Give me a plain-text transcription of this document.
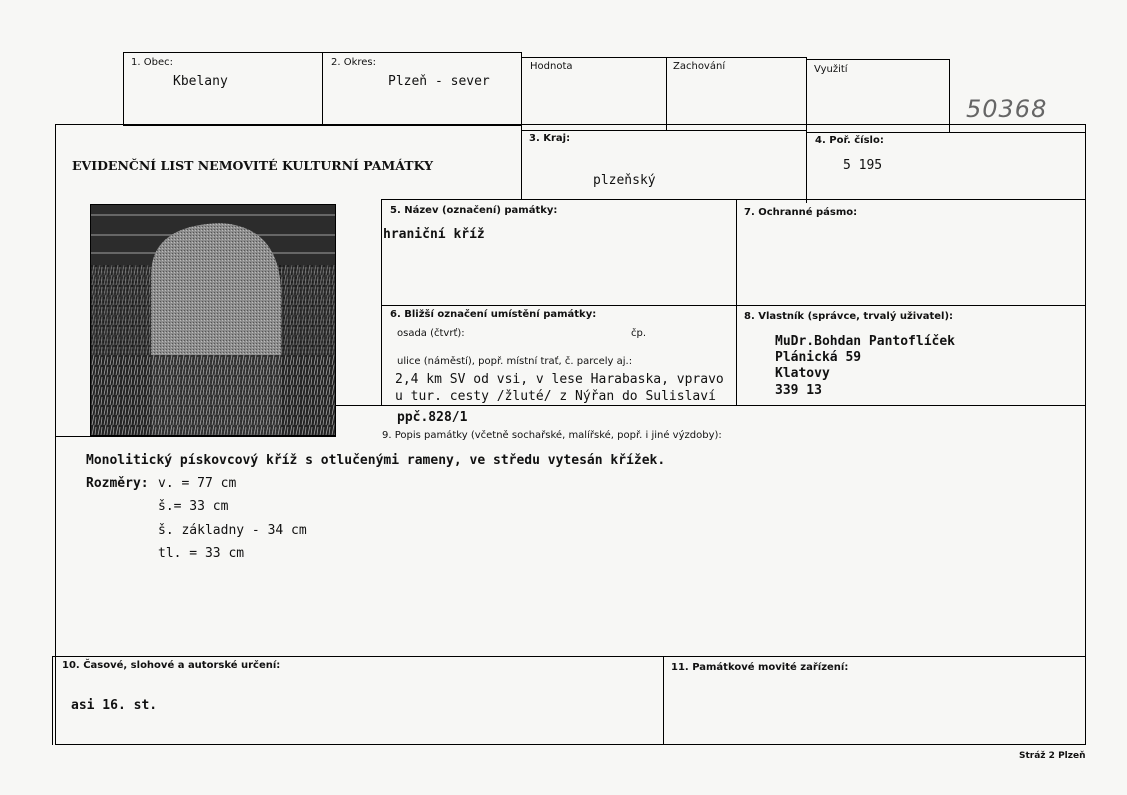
1. Obec:
Kbelany
2. Okres:
Plzeň - sever
Hodnota	Zachování	Využití
50368
EVIDENČNÍ LIST NEMOVITÉ KULTURNÍ PAMÁTKY
3. Kraj:
plzeňský
4. Poř. číslo:
5 195
5. Název (označení) památky:
hraniční kříž
7. Ochranné pásmo:
6. Bližší označení umístění památky:
osada (čtvrť):	čp.
ulice (náměstí), popř. místní trať, č. parcely aj.:
2,4 km SV od vsi, v lese Harabaska, vpravo
u tur. cesty /žluté/ z Nýřan do Sulislaví
ppč.828/1
8. Vlastník (správce, trvalý uživatel):
MuDr.Bohdan Pantoflíček
Plánická 59
Klatovy
339 13
9. Popis památky (včetně sochařské, malířské, popř. i jiné výzdoby):
Monolitický pískovcový kříž s otlučenými rameny, ve středu vytesán křížek.
Rozměry: v. = 77 cm
š.= 33 cm
š. základny - 34 cm
tl. = 33 cm
10. Časové, slohové a autorské určení:
asi 16. st.
11. Památkové movité zařízení:
Stráž 2 Plzeň
